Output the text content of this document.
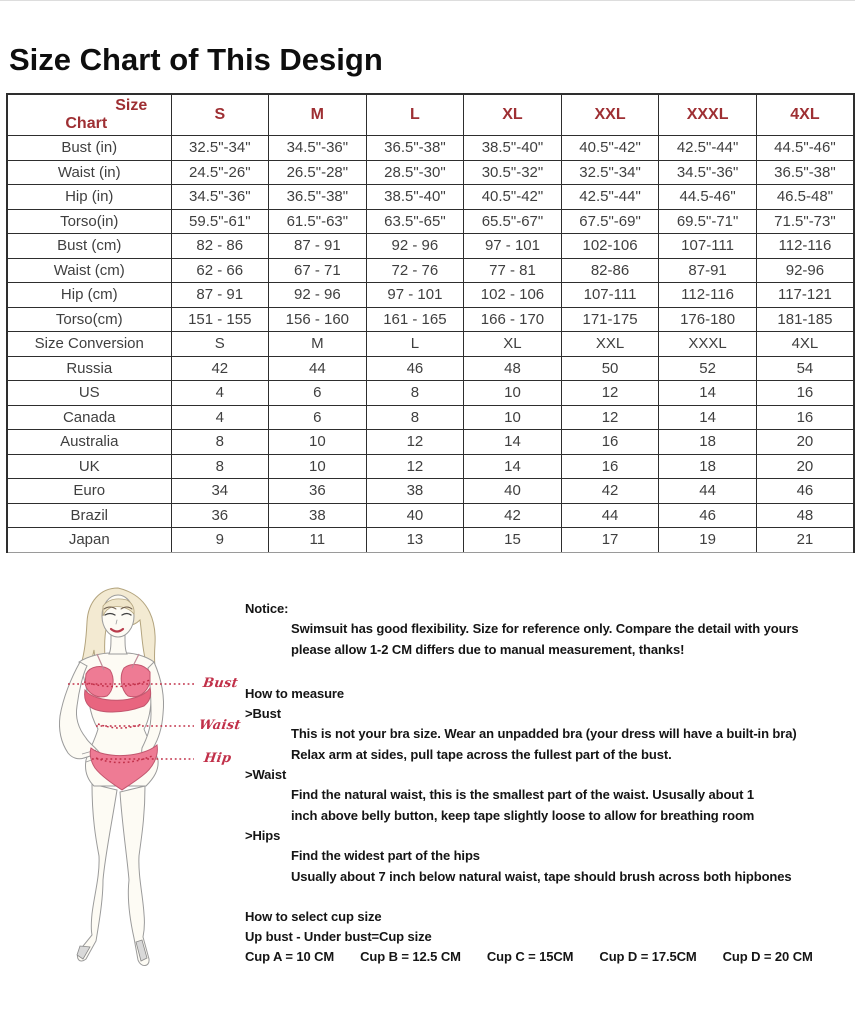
Size Chart of This Design
Size
Chart	S	M	L	XL	XXL	XXXL	4XL
Bust (in)	32.5"-34"	34.5"-36"	36.5"-38"	38.5"-40"	40.5"-42"	42.5"-44"	44.5"-46"
Waist (in)	24.5"-26"	26.5"-28"	28.5"-30"	30.5"-32"	32.5"-34"	34.5"-36"	36.5"-38"
Hip (in)	34.5"-36"	36.5"-38"	38.5"-40"	40.5"-42"	42.5"-44"	44.5-46"	46.5-48"
Torso(in)	59.5"-61"	61.5"-63"	63.5"-65"	65.5"-67"	67.5"-69"	69.5"-71"	71.5"-73"
Bust (cm)	82 - 86	87 - 91	92 - 96	97 - 101	102-106	107-111	112-116
Waist (cm)	62 - 66	67 - 71	72 - 76	77 - 81	82-86	87-91	92-96
Hip (cm)	87 - 91	92 - 96	97 - 101	102 - 106	107-111	112-116	117-121
Torso(cm)	151 - 155	156 - 160	161 - 165	166 - 170	171-175	176-180	181-185
Size Conversion	S	M	L	XL	XXL	XXXL	4XL
Russia	42	44	46	48	50	52	54
US	4	6	8	10	12	14	16
Canada	4	6	8	10	12	14	16
Australia	8	10	12	14	16	18	20
UK	8	10	12	14	16	18	20
Euro	34	36	38	40	42	44	46
Brazil	36	38	40	42	44	46	48
Japan	9	11	13	15	17	19	21
Bust
Waist
Hip
Notice:
Swimsuit has good flexibility. Size for reference only. Compare the detail with yours
please allow 1-2 CM differs due to manual measurement, thanks!
How to measure
>Bust
This is not your bra size. Wear an unpadded bra (your dress will have a built-in bra)
Relax arm at sides, pull tape across the fullest part of the bust.
>Waist
Find the natural waist, this is the smallest part of the waist. Ususally about 1
inch above belly button, keep tape slightly loose to allow for breathing room
>Hips
Find the widest part of the hips
Usually about 7 inch below natural waist, tape should brush across both hipbones
How to select cup size
Up bust - Under bust=Cup size
Cup A = 10 CM Cup B = 12.5 CM Cup C = 15CM Cup D = 17.5CM Cup D = 20 CM
